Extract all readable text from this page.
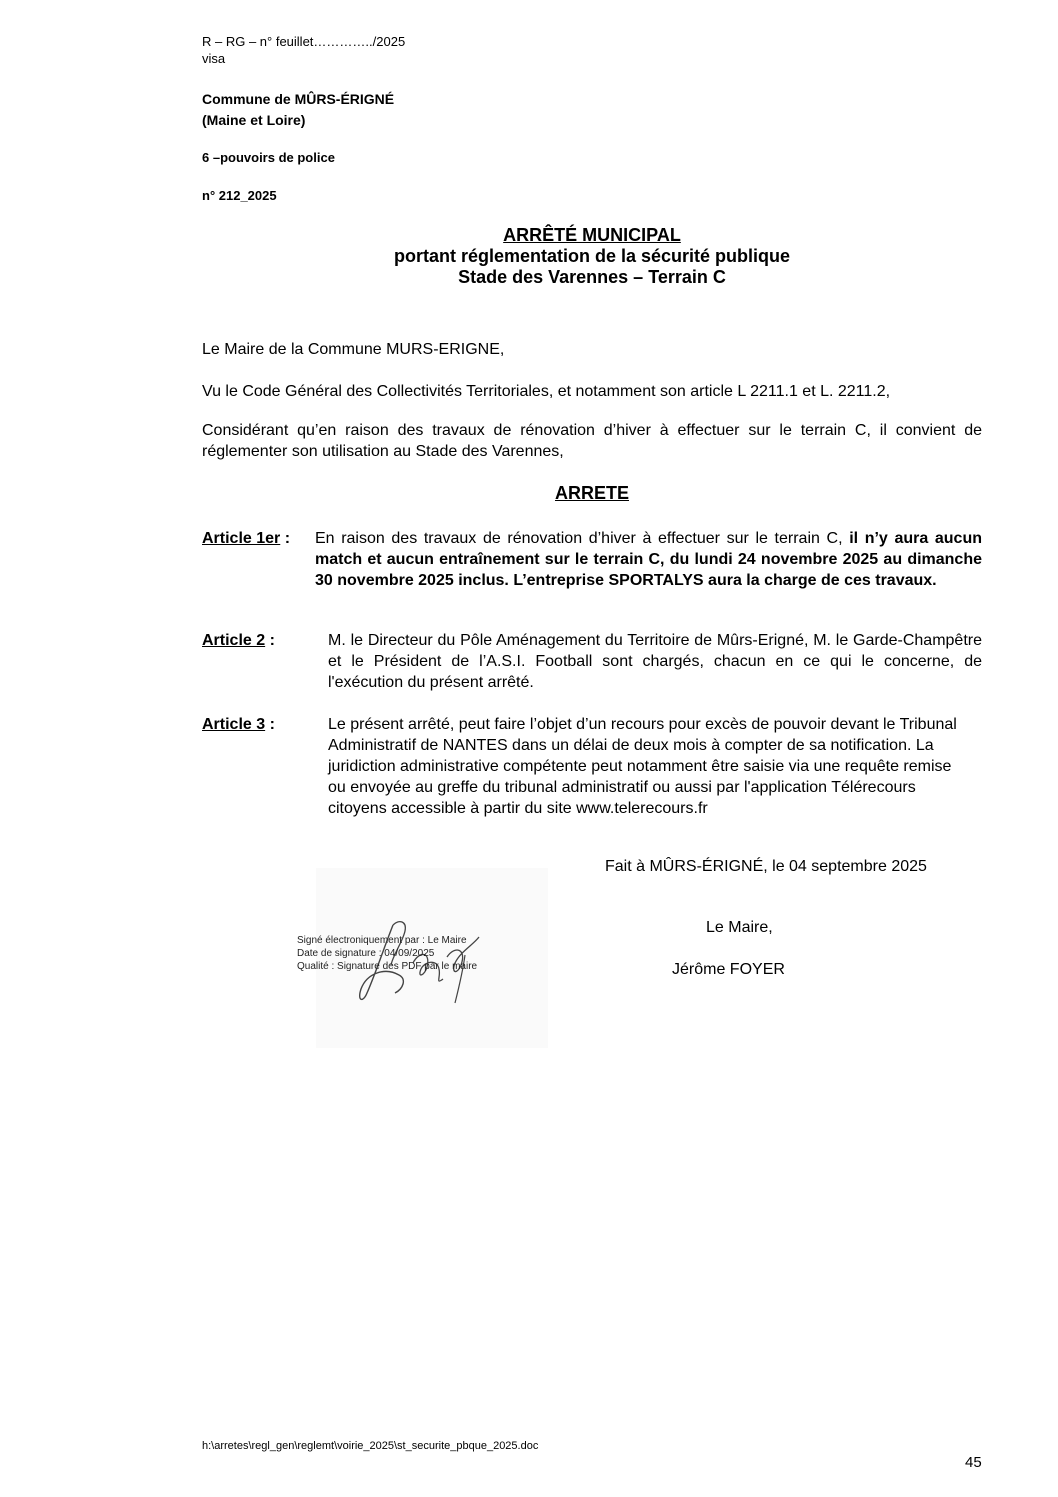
R – RG – n° feuillet…………../2025
visa
Commune de MÛRS-ÉRIGNÉ
(Maine et Loire)
6 –pouvoirs de police
n° 212_2025
ARRÊTÉ MUNICIPAL
portant réglementation de la sécurité publique
Stade des Varennes – Terrain C
Le Maire de la Commune MURS-ERIGNE,
Vu le Code Général des Collectivités Territoriales, et notamment son article L 2211.1 et L. 2211.2,
Considérant qu’en raison des travaux de rénovation d’hiver à effectuer sur le terrain C, il convient de réglementer son utilisation au Stade des Varennes,
ARRETE
Article 1er : En raison des travaux de rénovation d’hiver à effectuer sur le terrain C, il n’y aura aucun match et aucun entraînement sur le terrain C, du lundi 24 novembre 2025 au dimanche 30 novembre 2025 inclus. L’entreprise SPORTALYS aura la charge de ces travaux.
Article 2 :	M. le Directeur du Pôle Aménagement du Territoire de Mûrs-Erigné, M. le Garde-Champêtre et le Président de l’A.S.I. Football sont chargés, chacun en ce qui le concerne, de l'exécution du présent arrêté.
Article 3 :	Le présent arrêté, peut faire l’objet d’un recours pour excès de pouvoir devant le Tribunal Administratif de NANTES dans un délai de deux mois à compter de sa notification. La juridiction administrative compétente peut notamment être saisie via une requête remise ou envoyée au greffe du tribunal administratif ou aussi par l'application Télérecours citoyens accessible à partir du site www.telerecours.fr
Fait à MÛRS-ÉRIGNÉ, le 04 septembre 2025
Signé électroniquement par : Le Maire
Date de signature : 04/09/2025
Qualité : Signature des PDF par le maire
Le Maire,
Jérôme FOYER
h:\arretes\regl_gen\reglemt\voirie_2025\st_securite_pbque_2025.doc
45
